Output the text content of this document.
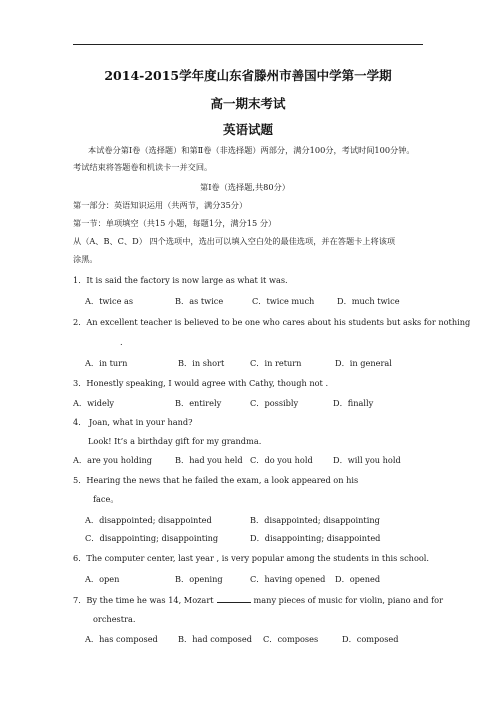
2014-2015学年度山东省滕州市善国中学第一学期
高一期末考试
英语试题
本试卷分第Ⅰ卷（选择题）和第Ⅱ卷（非选择题）两部分，满分100分，考试时间100分钟。
考试结束将答题卷和机读卡一并交回。
第Ⅰ卷（选择题,共80分）
第一部分：英语知识运用（共两节，满分35分）
第一节：单项填空（共15 小题，每题1分，满分15 分）
从（A、B、C、D） 四个选项中，选出可以填入空白处的最佳选项，并在答题卡上将该项
涂黑。
1．It is said the factory is now large as what it was.
A．twice as	B．as twice	C．twice much	D．much twice
2．An excellent teacher is believed to be one who cares about his students but asks for nothing
.
A．in turn	B．in short	C．in return	D．in general
3．Honestly speaking, I would agree with Cathy, though not .
A．widely	B．entirely	C．possibly	D．finally
4． Joan, what in your hand?
Look! It’s a birthday gift for my grandma.
A．are you holding	B．had you held C．do you hold D．will you hold
5．Hearing the news that he failed the exam, a look appeared on his
face。
A．disappointed; disappointed	B．disappointed; disappointing
C．disappointing; disappointing	D．disappointing; disappointed
6．The computer center, last year , is very popular among the students in this school.
A．open	B．opening	C．having opened D．opened
7．By the time he was 14, Mozart	many pieces of music for violin, piano and for
orchestra.
A．has composed B．had composed C．composes	D．composed
